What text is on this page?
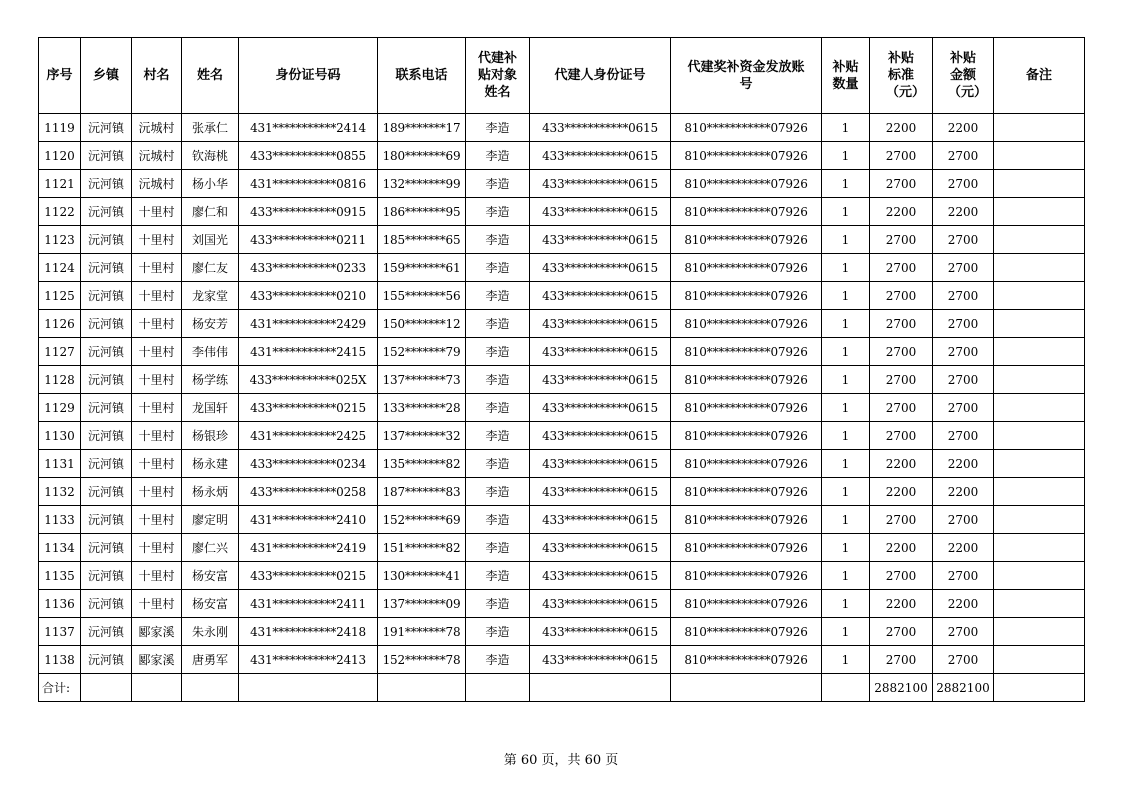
序号	乡镇	村名	姓名	身份证号码	联系电话	代建补贴对象姓名	代建人身份证号	代建奖补资金发放账号	补贴数量	补贴标准（元）	补贴金额（元）	备注
1119	沅河镇	沅城村	张承仁	431***********2414	189*******17	李造	433***********0615	810***********07926	1	2200	2200	
1120	沅河镇	沅城村	钦海桃	433***********0855	180*******69	李造	433***********0615	810***********07926	1	2700	2700	
1121	沅河镇	沅城村	杨小华	431***********0816	132*******99	李造	433***********0615	810***********07926	1	2700	2700	
1122	沅河镇	十里村	廖仁和	433***********0915	186*******95	李造	433***********0615	810***********07926	1	2200	2200	
1123	沅河镇	十里村	刘国光	433***********0211	185*******65	李造	433***********0615	810***********07926	1	2700	2700	
1124	沅河镇	十里村	廖仁友	433***********0233	159*******61	李造	433***********0615	810***********07926	1	2700	2700	
1125	沅河镇	十里村	龙家堂	433***********0210	155*******56	李造	433***********0615	810***********07926	1	2700	2700	
1126	沅河镇	十里村	杨安芳	431***********2429	150*******12	李造	433***********0615	810***********07926	1	2700	2700	
1127	沅河镇	十里村	李伟伟	431***********2415	152*******79	李造	433***********0615	810***********07926	1	2700	2700	
1128	沅河镇	十里村	杨学练	433***********025X	137*******73	李造	433***********0615	810***********07926	1	2700	2700	
1129	沅河镇	十里村	龙国轩	433***********0215	133*******28	李造	433***********0615	810***********07926	1	2700	2700	
1130	沅河镇	十里村	杨银珍	431***********2425	137*******32	李造	433***********0615	810***********07926	1	2700	2700	
1131	沅河镇	十里村	杨永建	433***********0234	135*******82	李造	433***********0615	810***********07926	1	2200	2200	
1132	沅河镇	十里村	杨永炳	433***********0258	187*******83	李造	433***********0615	810***********07926	1	2200	2200	
1133	沅河镇	十里村	廖定明	431***********2410	152*******69	李造	433***********0615	810***********07926	1	2700	2700	
1134	沅河镇	十里村	廖仁兴	431***********2419	151*******82	李造	433***********0615	810***********07926	1	2200	2200	
1135	沅河镇	十里村	杨安富	433***********0215	130*******41	李造	433***********0615	810***********07926	1	2700	2700	
1136	沅河镇	十里村	杨安富	431***********2411	137*******09	李造	433***********0615	810***********07926	1	2200	2200	
1137	沅河镇	郾家溪	朱永刚	431***********2418	191*******78	李造	433***********0615	810***********07926	1	2700	2700	
1138	沅河镇	郾家溪	唐勇军	431***********2413	152*******78	李造	433***********0615	810***********07926	1	2700	2700	
合计:										2882100	2882100	
第 60 页，共 60 页
